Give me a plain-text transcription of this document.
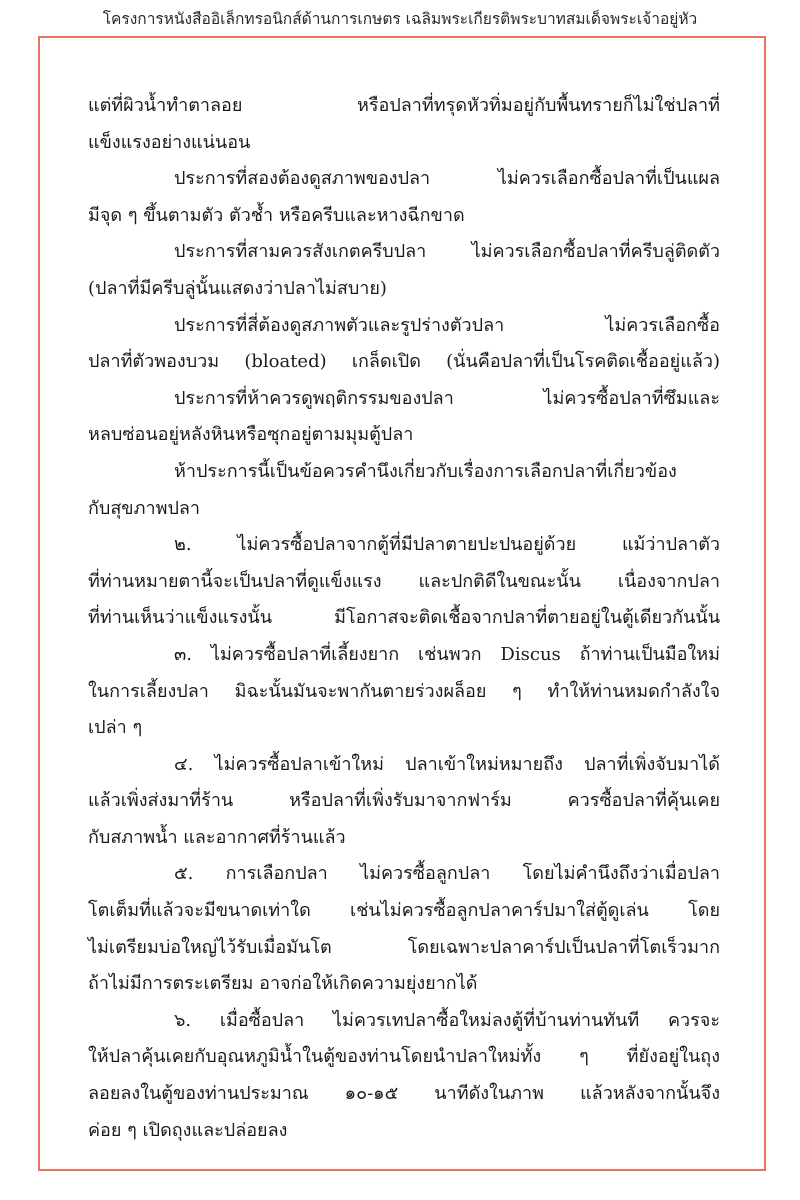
โครงการหนังสืออิเล็กทรอนิกส์ด้านการเกษตร เฉลิมพระเกียรติพระบาทสมเด็จพระเจ้าอยู่หัว
แต่ที่ผิวน้ำทำตาลอย หรือปลาที่ทรุดหัวทิ่มอยู่กับพื้นทรายก็ไม่ใช่ปลาที่
แข็งแรงอย่างแน่นอน
ประการที่สองต้องดูสภาพของปลา ไม่ควรเลือกซื้อปลาที่เป็นแผล
มีจุด ๆ ขึ้นตามตัว ตัวช้ำ หรือครีบและหางฉีกขาด
ประการที่สามควรสังเกตครีบปลา ไม่ควรเลือกซื้อปลาที่ครีบลู่ติดตัว
(ปลาที่มีครีบลู่นั้นแสดงว่าปลาไม่สบาย)
ประการที่สี่ต้องดูสภาพตัวและรูปร่างตัวปลา ไม่ควรเลือกซื้อ
ปลาที่ตัวพองบวม (bloated) เกล็ดเปิด (นั่นคือปลาที่เป็นโรคติดเชื้ออยู่แล้ว)
ประการที่ห้าควรดูพฤติกรรมของปลา ไม่ควรซื้อปลาที่ซึมและ
หลบซ่อนอยู่หลังหินหรือซุกอยู่ตามมุมตู้ปลา
ห้าประการนี้เป็นข้อควรคำนึงเกี่ยวกับเรื่องการเลือกปลาที่เกี่ยวข้อง
กับสุขภาพปลา
๒. ไม่ควรซื้อปลาจากตู้ที่มีปลาตายปะปนอยู่ด้วย แม้ว่าปลาตัว
ที่ท่านหมายตานี้จะเป็นปลาที่ดูแข็งแรง และปกติดีในขณะนั้น เนื่องจากปลา
ที่ท่านเห็นว่าแข็งแรงนั้น มีโอกาสจะติดเชื้อจากปลาที่ตายอยู่ในตู้เดียวกันนั้น
๓. ไม่ควรซื้อปลาที่เลี้ยงยาก เช่นพวก Discus ถ้าท่านเป็นมือใหม่
ในการเลี้ยงปลา มิฉะนั้นมันจะพากันตายร่วงผล็อย ๆ ทำให้ท่านหมดกำลังใจ
เปล่า ๆ
๔. ไม่ควรซื้อปลาเข้าใหม่ ปลาเข้าใหม่หมายถึง ปลาที่เพิ่งจับมาได้
แล้วเพิ่งส่งมาที่ร้าน หรือปลาที่เพิ่งรับมาจากฟาร์ม ควรซื้อปลาที่คุ้นเคย
กับสภาพน้ำ และอากาศที่ร้านแล้ว
๕. การเลือกปลา ไม่ควรซื้อลูกปลา โดยไม่คำนึงถึงว่าเมื่อปลา
โตเต็มที่แล้วจะมีขนาดเท่าใด เช่นไม่ควรซื้อลูกปลาคาร์ปมาใส่ตู้ดูเล่น โดย
ไม่เตรียมบ่อใหญ่ไว้รับเมื่อมันโต โดยเฉพาะปลาคาร์ปเป็นปลาที่โตเร็วมาก
ถ้าไม่มีการตระเตรียม อาจก่อให้เกิดความยุ่งยากได้
๖. เมื่อซื้อปลา ไม่ควรเทปลาซื้อใหม่ลงตู้ที่บ้านท่านทันที ควรจะ
ให้ปลาคุ้นเคยกับอุณหภูมิน้ำในตู้ของท่านโดยนำปลาใหม่ทั้ง ๆ ที่ยังอยู่ในถุง
ลอยลงในตู้ของท่านประมาณ ๑๐-๑๕ นาทีดังในภาพ แล้วหลังจากนั้นจึง
ค่อย ๆ เปิดถุงและปล่อยลง
